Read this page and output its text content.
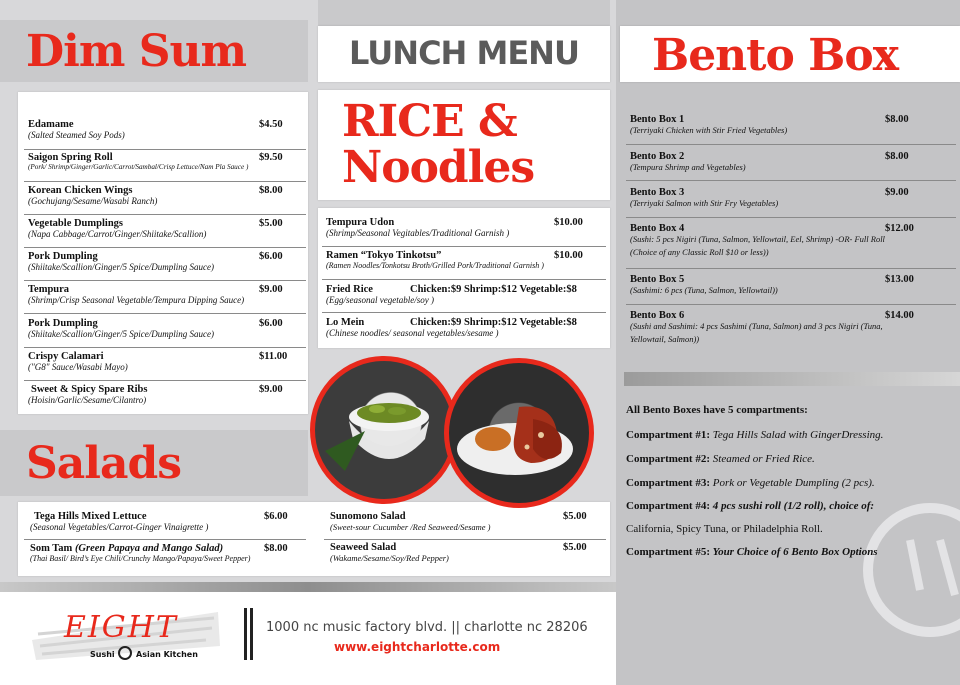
Dim Sum	LUNCH MENU
RICE &
Noodles
Bento Box
Salads
Edamame
(Salted Steamed Soy Pods)
$4.50
Saigon Spring Roll
(Pork/ Shrimp/Ginger/Garlic/Carrot/Sambal/Crisp Lettuce/Nam Pla Sauce )
$9.50
Korean Chicken Wings
(Gochujang/Sesame/Wasabi Ranch)
$8.00
Vegetable Dumplings
(Napa Cabbage/Carrot/Ginger/Shiitake/Scallion)
$5.00
Pork Dumpling
(Shiitake/Scallion/Ginger/5 Spice/Dumpling Sauce)
$6.00
Tempura
(Shrimp/Crisp Seasonal Vegetable/Tempura Dipping Sauce)
$9.00
Pork Dumpling
(Shiitake/Scallion/Ginger/5 Spice/Dumpling Sauce)
$6.00
Crispy Calamari
("G8" Sauce/Wasabi Mayo)
$11.00
Sweet & Spicy Spare Ribs
(Hoisin/Garlic/Sesame/Cilantro)
$9.00
Tempura Udon
(Shrimp/Seasonal Vegitables/Traditional Garnish )
$10.00
Ramen “Tokyo Tinkotsu”
(Ramen Noodles/Tonkotsu Broth/Grilled Pork/Traditional Garnish )
$10.00
Fried Rice
(Egg/seasonal vegetable/soy )
Chicken:$9 Shrimp:$12 Vegetable:$8
Lo Mein
(Chinese noodles/ seasonal vegetables/sesame )
Chicken:$9 Shrimp:$12 Vegetable:$8
Bento Box 1
(Terriyaki Chicken with Stir Fried Vegetables)
$8.00
Bento Box 2
(Tempura Shrimp and Vegetables)
$8.00
Bento Box 3
(Terriyaki Salmon with Stir Fry Vegetables)
$9.00
Bento Box 4
(Sushi: 5 pcs Nigiri (Tuna, Salmon, Yellowtail, Eel, Shrimp) -OR- Full Roll
(Choice of any Classic Roll $10 or less))
$12.00
Bento Box 5
(Sashimi: 6 pcs (Tuna, Salmon, Yellowtail))
$13.00
Bento Box 6
(Sushi and Sashimi: 4 pcs Sashimi (Tuna, Salmon) and 3 pcs Nigiri (Tuna,
Yellowtail, Salmon))
$14.00
All Bento Boxes have 5 compartments:
Compartment #1: Tega Hills Salad with GingerDressing.
Compartment #2: Steamed or Fried Rice.
Compartment #3: Pork or Vegetable Dumpling (2 pcs).
Compartment #4: 4 pcs sushi roll (1/2 roll), choice of:
California, Spicy Tuna, or Philadelphia Roll.
Compartment #5: Your Choice of 6 Bento Box Options
Tega Hills Mixed Lettuce
(Seasonal Vegetables/Carrot-Ginger Vinaigrette )
$6.00
Som Tam (Green Papaya and Mango Salad)
(Thai Basil/ Bird’s Eye Chili/Crunchy Mango/Papaya/Sweet Pepper)
$8.00
Sunomono Salad
(Sweet-sour Cucumber /Red Seaweed/Sesame )
$5.00
Seaweed Salad
(Wakame/Sesame/Soy/Red Pepper)
$5.00
EIGHT
Sushi	Asian Kitchen
1000 nc music factory blvd. || charlotte nc 28206
www.eightcharlotte.com
